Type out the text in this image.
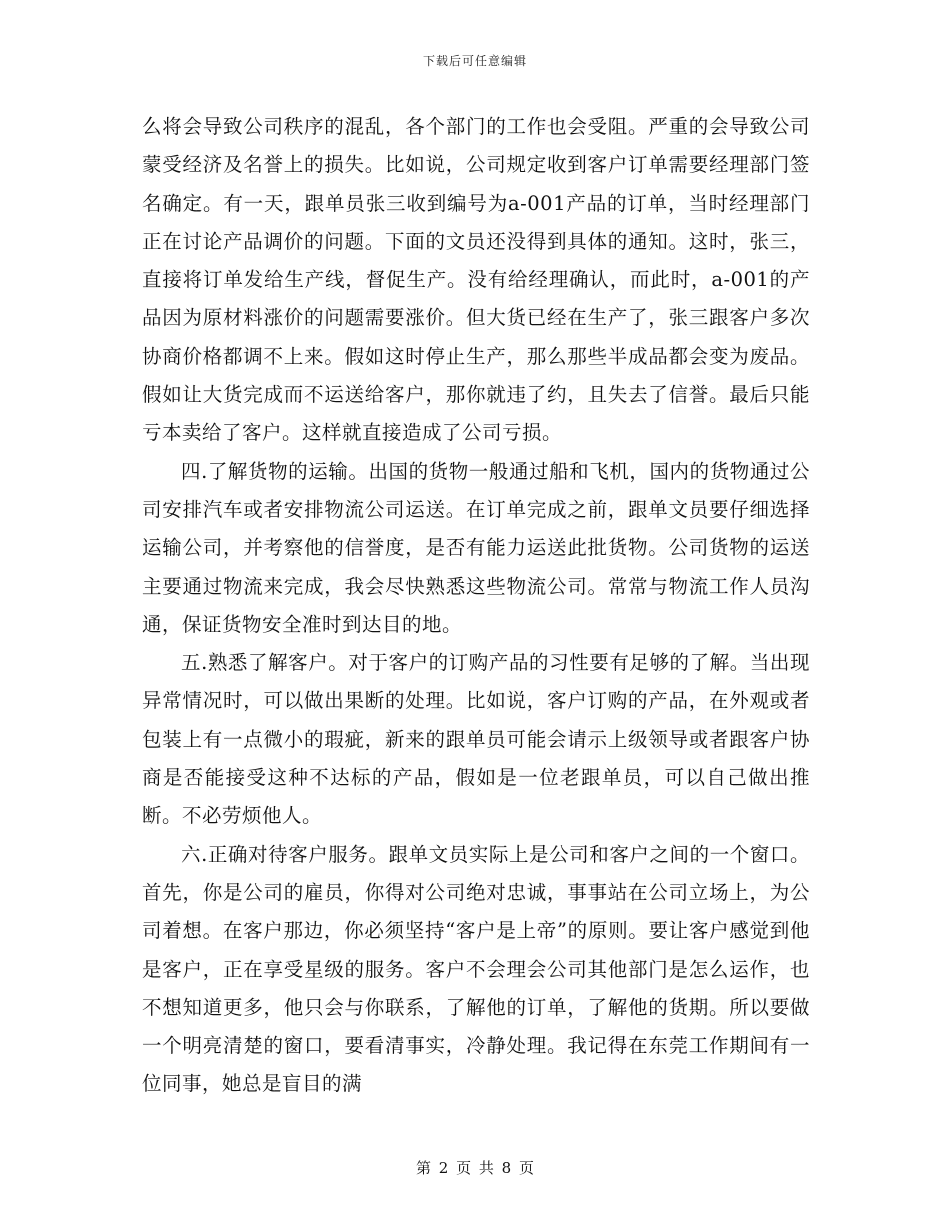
下载后可任意编辑

么将会导致公司秩序的混乱，各个部门的工作也会受阻。严重的会导致公司蒙受经济及名誉上的损失。比如说，公司规定收到客户订单需要经理部门签名确定。有一天，跟单员张三收到编号为a-001产品的订单，当时经理部门正在讨论产品调价的问题。下面的文员还没得到具体的通知。这时，张三，直接将订单发给生产线，督促生产。没有给经理确认，而此时，a-001的产品因为原材料涨价的问题需要涨价。但大货已经在生产了，张三跟客户多次协商价格都调不上来。假如这时停止生产，那么那些半成品都会变为废品。假如让大货完成而不运送给客户，那你就违了约，且失去了信誉。最后只能亏本卖给了客户。这样就直接造成了公司亏损。

四.了解货物的运输。出国的货物一般通过船和飞机，国内的货物通过公司安排汽车或者安排物流公司运送。在订单完成之前，跟单文员要仔细选择运输公司，并考察他的信誉度，是否有能力运送此批货物。公司货物的运送主要通过物流来完成，我会尽快熟悉这些物流公司。常常与物流工作人员沟通，保证货物安全准时到达目的地。

五.熟悉了解客户。对于客户的订购产品的习性要有足够的了解。当出现异常情况时，可以做出果断的处理。比如说，客户订购的产品，在外观或者包装上有一点微小的瑕疵，新来的跟单员可能会请示上级领导或者跟客户协商是否能接受这种不达标的产品，假如是一位老跟单员，可以自己做出推断。不必劳烦他人。

六.正确对待客户服务。跟单文员实际上是公司和客户之间的一个窗口。首先，你是公司的雇员，你得对公司绝对忠诚，事事站在公司立场上，为公司着想。在客户那边，你必须坚持“客户是上帝”的原则。要让客户感觉到他是客户，正在享受星级的服务。客户不会理会公司其他部门是怎么运作，也不想知道更多，他只会与你联系，了解他的订单，了解他的货期。所以要做一个明亮清楚的窗口，要看清事实，冷静处理。我记得在东莞工作期间有一位同事，她总是盲目的满

第 2 页 共 8 页
